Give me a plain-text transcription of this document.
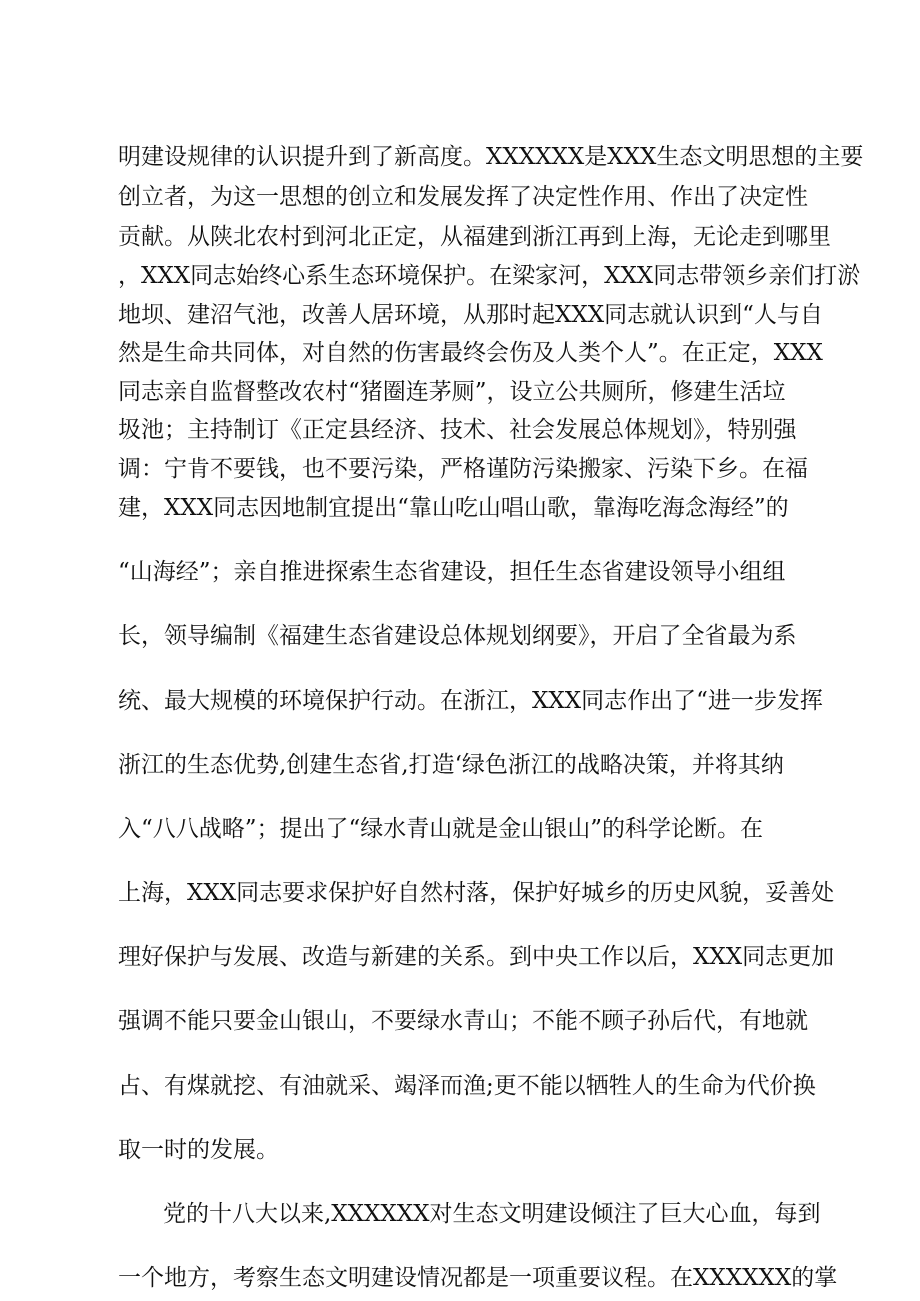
明建设规律的认识提升到了新高度。XXXXXX是XXX生态文明思想的主要
创立者，为这一思想的创立和发展发挥了决定性作用、作出了决定性
贡献。从陕北农村到河北正定，从福建到浙江再到上海，无论走到哪里
，XXX同志始终心系生态环境保护。在梁家河，XXX同志带领乡亲们打淤
地坝、建沼气池，改善人居环境，从那时起XXX同志就认识到“人与自
然是生命共同体，对自然的伤害最终会伤及人类个人”。在正定，XXX
同志亲自监督整改农村“猪圈连茅厕”，设立公共厕所，修建生活垃
圾池；主持制订《正定县经济、技术、社会发展总体规划》，特别强
调：宁肯不要钱，也不要污染，严格谨防污染搬家、污染下乡。在福
建，XXX同志因地制宜提出“靠山吃山唱山歌，靠海吃海念海经”的
“山海经”；亲自推进探索生态省建设，担任生态省建设领导小组组
长，领导编制《福建生态省建设总体规划纲要》，开启了全省最为系
统、最大规模的环境保护行动。在浙江，XXX同志作出了“进一步发挥
浙江的生态优势,创建生态省,打造‘绿色浙江的战略决策，并将其纳
入“八八战略”；提出了“绿水青山就是金山银山”的科学论断。在
上海，XXX同志要求保护好自然村落，保护好城乡的历史风貌，妥善处
理好保护与发展、改造与新建的关系。到中央工作以后，XXX同志更加
强调不能只要金山银山，不要绿水青山；不能不顾子孙后代，有地就
占、有煤就挖、有油就采、竭泽而渔;更不能以牺牲人的生命为代价换
取一时的发展。
党的十八大以来,XXXXXX对生态文明建设倾注了巨大心血，每到
一个地方，考察生态文明建设情况都是一项重要议程。在XXXXXX的掌
